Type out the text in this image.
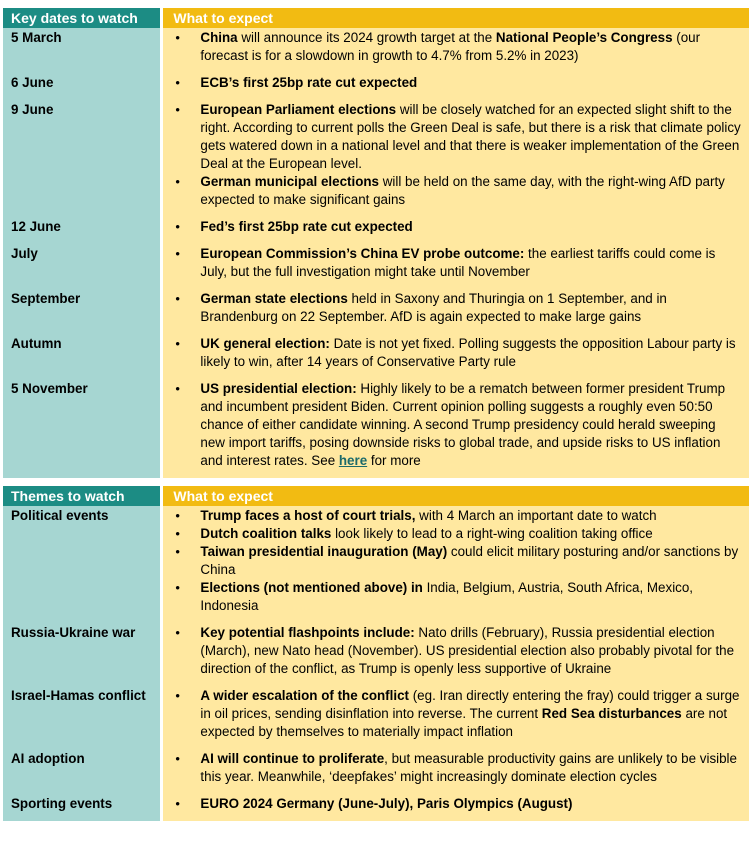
Key dates to watch	What to expect
5 March	• China will announce its 2024 growth target at the National People’s Congress (our forecast is for a slowdown in growth to 4.7% from 5.2% in 2023)
6 June	• ECB’s first 25bp rate cut expected
9 June	• European Parliament elections will be closely watched for an expected slight shift to the right. According to current polls the Green Deal is safe, but there is a risk that climate policy gets watered down in a national level and that there is weaker implementation of the Green Deal at the European level.
• German municipal elections will be held on the same day, with the right-wing AfD party expected to make significant gains
12 June	• Fed’s first 25bp rate cut expected
July	• European Commission’s China EV probe outcome: the earliest tariffs could come is July, but the full investigation might take until November
September	• German state elections held in Saxony and Thuringia on 1 September, and in Brandenburg on 22 September. AfD is again expected to make large gains
Autumn	• UK general election: Date is not yet fixed. Polling suggests the opposition Labour party is likely to win, after 14 years of Conservative Party rule
5 November	• US presidential election: Highly likely to be a rematch between former president Trump and incumbent president Biden. Current opinion polling suggests a roughly even 50:50 chance of either candidate winning. A second Trump presidency could herald sweeping new import tariffs, posing downside risks to global trade, and upside risks to US inflation and interest rates. See here for more
Themes to watch	What to expect
Political events	• Trump faces a host of court trials, with 4 March an important date to watch
• Dutch coalition talks look likely to lead to a right-wing coalition taking office
• Taiwan presidential inauguration (May) could elicit military posturing and/or sanctions by China
• Elections (not mentioned above) in India, Belgium, Austria, South Africa, Mexico, Indonesia
Russia-Ukraine war	• Key potential flashpoints include: Nato drills (February), Russia presidential election (March), new Nato head (November). US presidential election also probably pivotal for the direction of the conflict, as Trump is openly less supportive of Ukraine
Israel-Hamas conflict	• A wider escalation of the conflict (eg. Iran directly entering the fray) could trigger a surge in oil prices, sending disinflation into reverse. The current Red Sea disturbances are not expected by themselves to materially impact inflation
AI adoption	• AI will continue to proliferate, but measurable productivity gains are unlikely to be visible this year. Meanwhile, ‘deepfakes’ might increasingly dominate election cycles
Sporting events	• EURO 2024 Germany (June-July), Paris Olympics (August)
